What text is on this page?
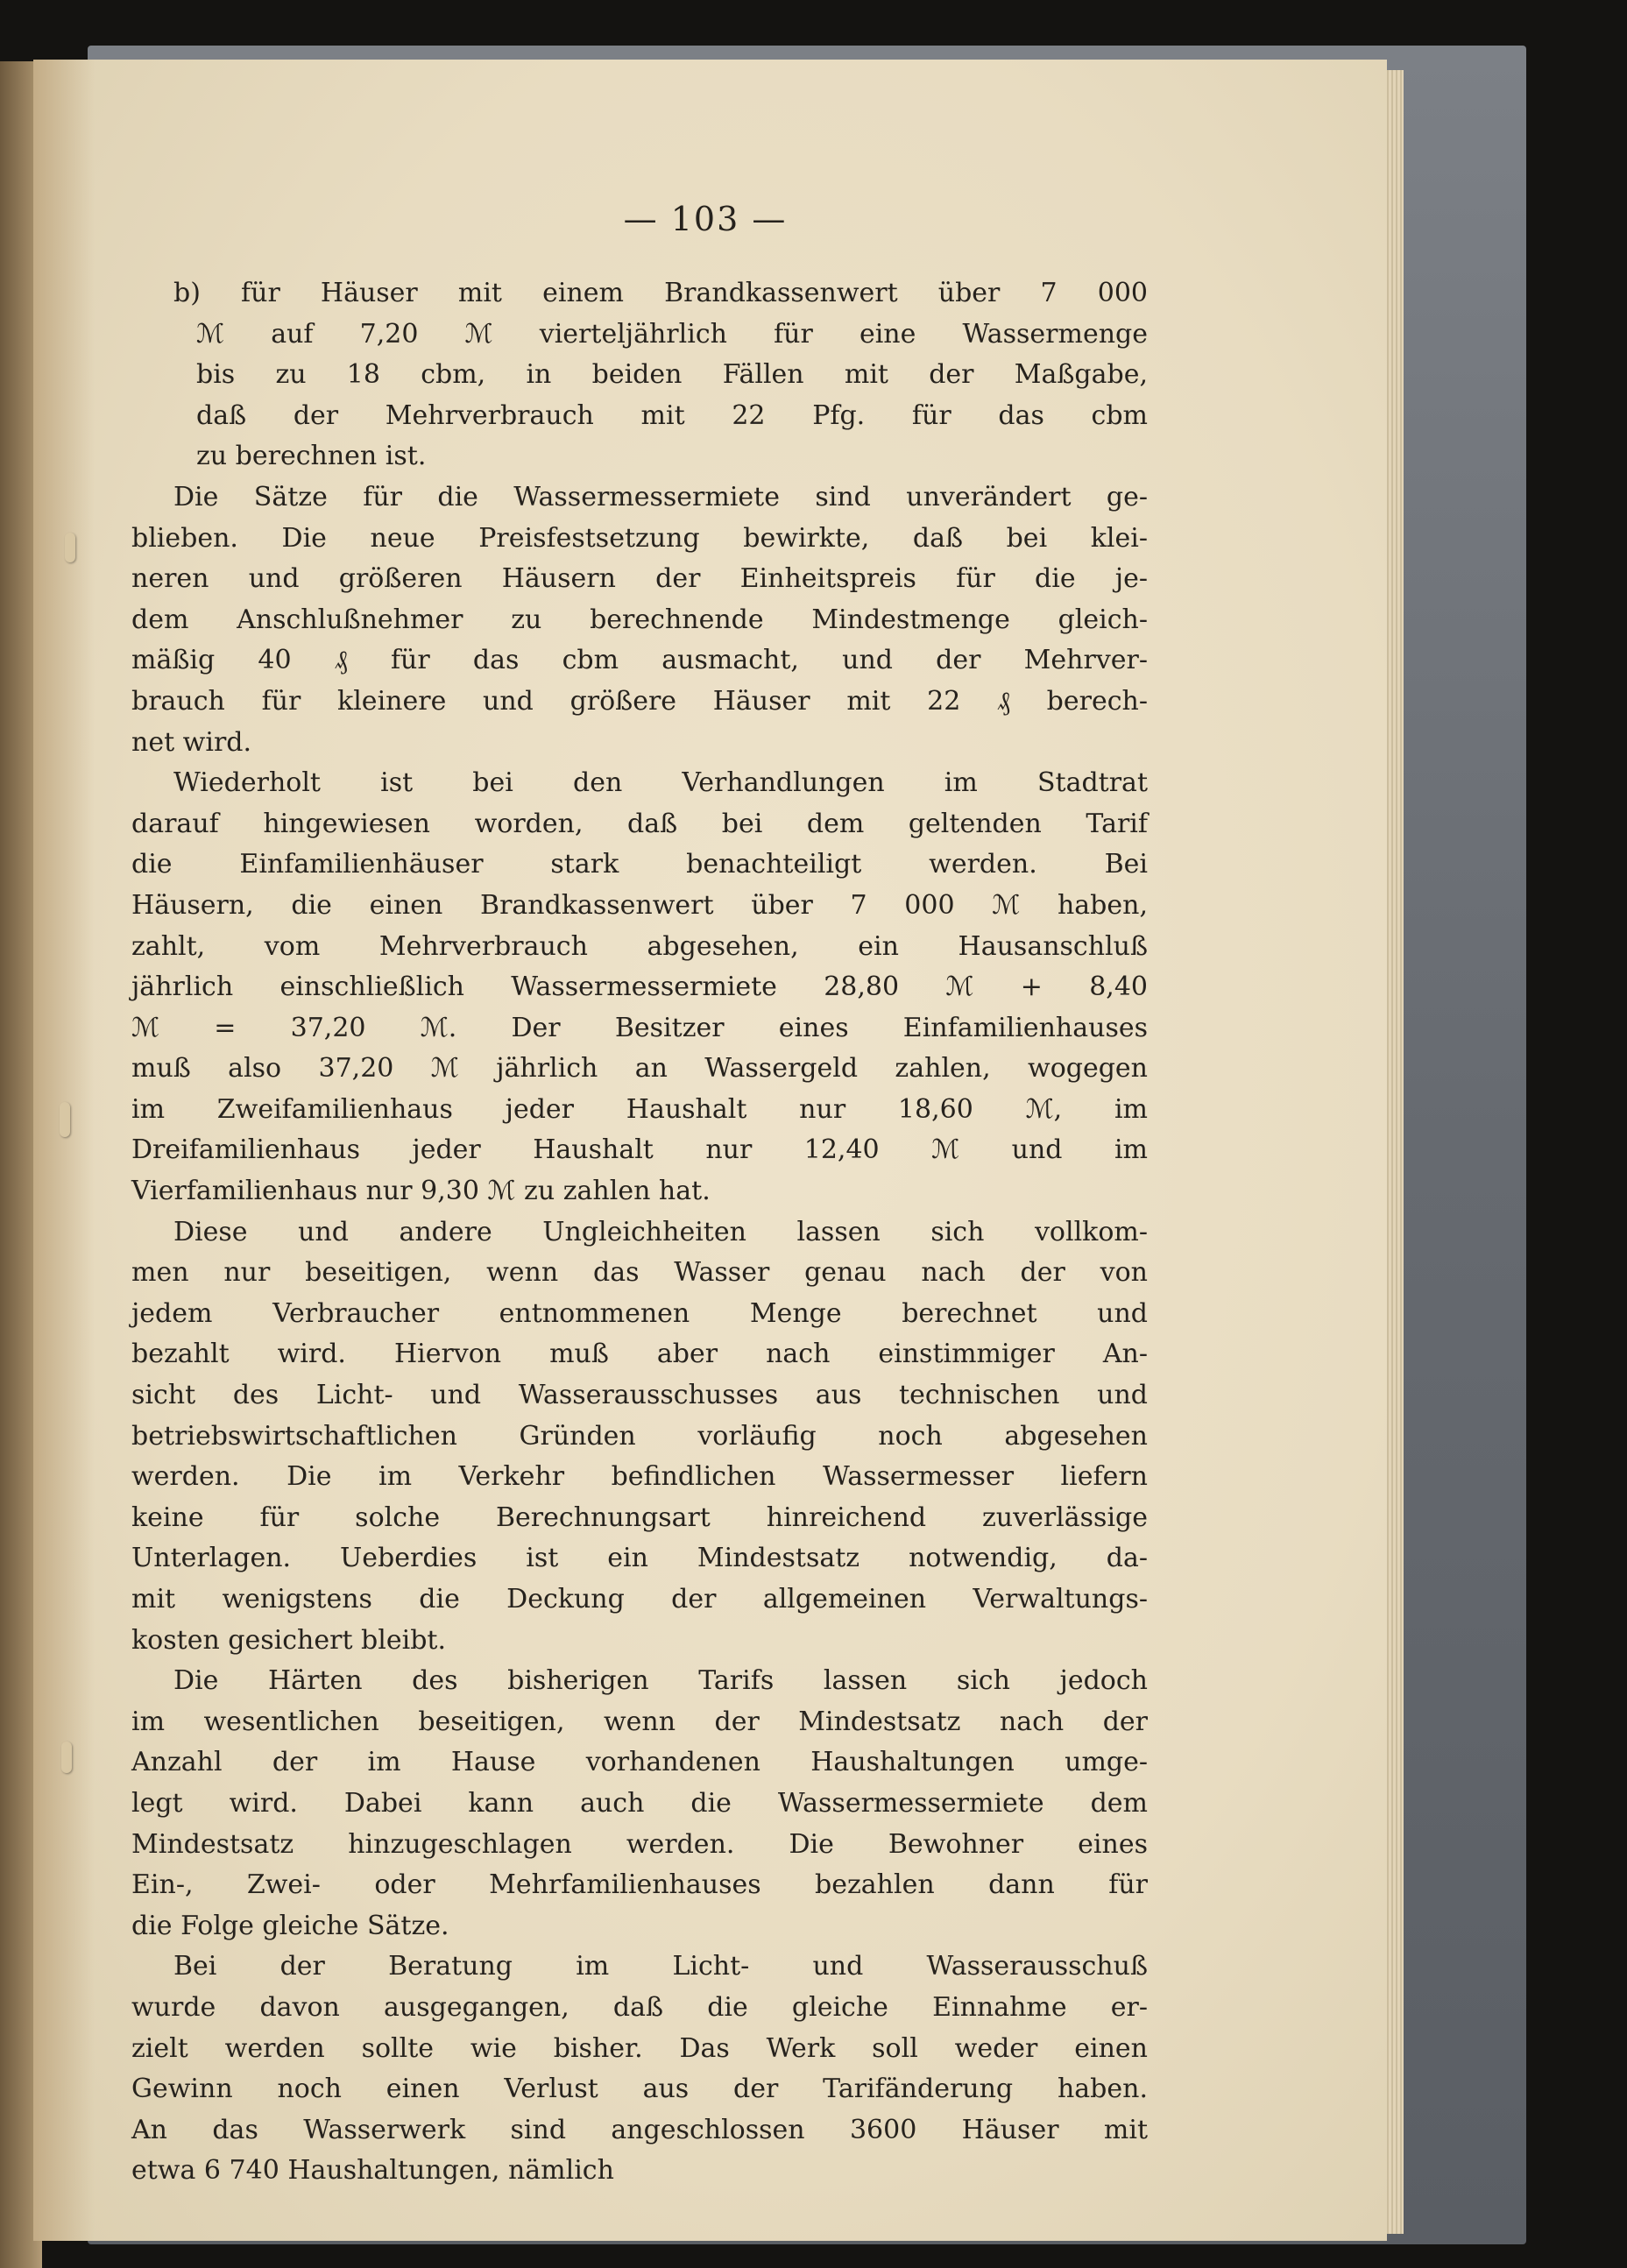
— 103 —
b) für Häuser mit einem Brandkassenwert über 7 000
ℳ auf 7,20 ℳ vierteljährlich für eine Wassermenge
bis zu 18 cbm, in beiden Fällen mit der Maßgabe,
daß der Mehrverbrauch mit 22 Pfg. für das cbm
zu berechnen ist.
Die Sätze für die Wassermessermiete sind unverändert ge-
blieben. Die neue Preisfestsetzung bewirkte, daß bei klei-
neren und größeren Häusern der Einheitspreis für die je-
dem Anschlußnehmer zu berechnende Mindestmenge gleich-
mäßig 40 ₰ für das cbm ausmacht, und der Mehrver-
brauch für kleinere und größere Häuser mit 22 ₰ berech-
net wird.
Wiederholt ist bei den Verhandlungen im Stadtrat
darauf hingewiesen worden, daß bei dem geltenden Tarif
die Einfamilienhäuser stark benachteiligt werden. Bei
Häusern, die einen Brandkassenwert über 7 000 ℳ haben,
zahlt, vom Mehrverbrauch abgesehen, ein Hausanschluß
jährlich einschließlich Wassermessermiete 28,80 ℳ + 8,40
ℳ = 37,20 ℳ. Der Besitzer eines Einfamilienhauses
muß also 37,20 ℳ jährlich an Wassergeld zahlen, wogegen
im Zweifamilienhaus jeder Haushalt nur 18,60 ℳ, im
Dreifamilienhaus jeder Haushalt nur 12,40 ℳ und im
Vierfamilienhaus nur 9,30 ℳ zu zahlen hat.
Diese und andere Ungleichheiten lassen sich vollkom-
men nur beseitigen, wenn das Wasser genau nach der von
jedem Verbraucher entnommenen Menge berechnet und
bezahlt wird. Hiervon muß aber nach einstimmiger An-
sicht des Licht- und Wasserausschusses aus technischen und
betriebswirtschaftlichen Gründen vorläufig noch abgesehen
werden. Die im Verkehr befindlichen Wassermesser liefern
keine für solche Berechnungsart hinreichend zuverlässige
Unterlagen. Ueberdies ist ein Mindestsatz notwendig, da-
mit wenigstens die Deckung der allgemeinen Verwaltungs-
kosten gesichert bleibt.
Die Härten des bisherigen Tarifs lassen sich jedoch
im wesentlichen beseitigen, wenn der Mindestsatz nach der
Anzahl der im Hause vorhandenen Haushaltungen umge-
legt wird. Dabei kann auch die Wassermessermiete dem
Mindestsatz hinzugeschlagen werden. Die Bewohner eines
Ein-, Zwei- oder Mehrfamilienhauses bezahlen dann für
die Folge gleiche Sätze.
Bei der Beratung im Licht- und Wasserausschuß
wurde davon ausgegangen, daß die gleiche Einnahme er-
zielt werden sollte wie bisher. Das Werk soll weder einen
Gewinn noch einen Verlust aus der Tarifänderung haben.
An das Wasserwerk sind angeschlossen 3600 Häuser mit
etwa 6 740 Haushaltungen, nämlich
